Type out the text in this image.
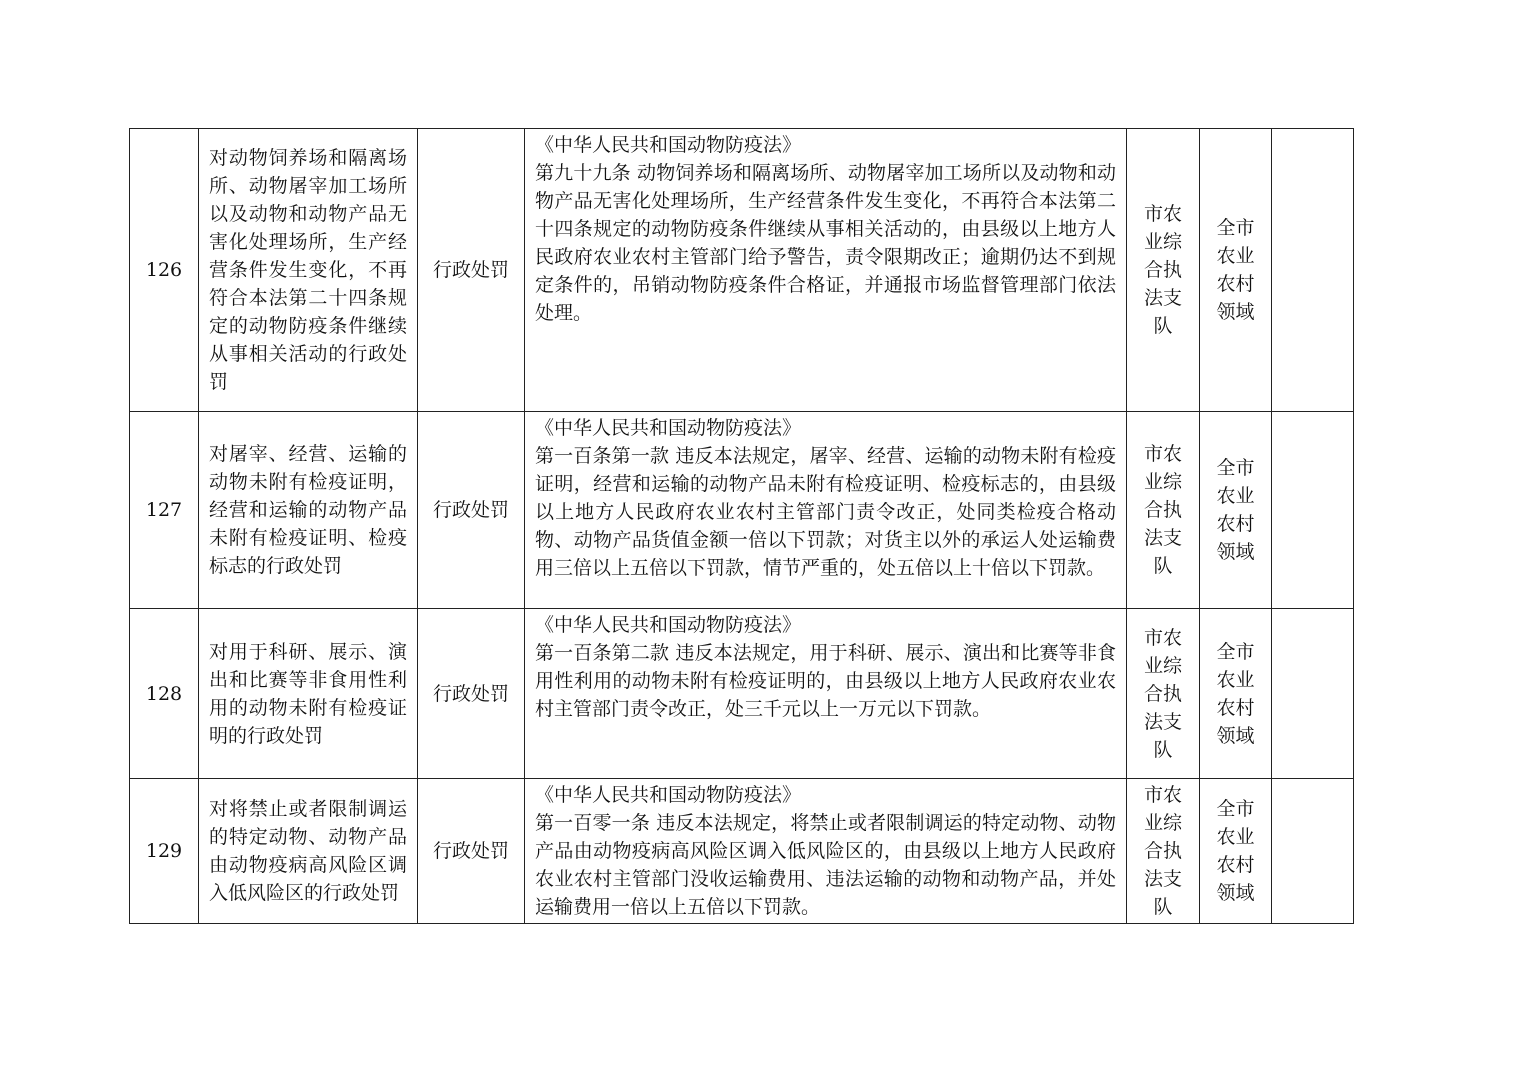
126	对动物饲养场和隔离场所、动物屠宰加工场所以及动物和动物产品无害化处理场所，生产经营条件发生变化，不再符合本法第二十四条规定的动物防疫条件继续从事相关活动的行政处罚	行政处罚	《中华人民共和国动物防疫法》
第九十九条 动物饲养场和隔离场所、动物屠宰加工场所以及动物和动物产品无害化处理场所，生产经营条件发生变化，不再符合本法第二十四条规定的动物防疫条件继续从事相关活动的，由县级以上地方人民政府农业农村主管部门给予警告，责令限期改正；逾期仍达不到规定条件的，吊销动物防疫条件合格证，并通报市场监督管理部门依法处理。	市农业综合执法支队	全市农业农村领域	
127	对屠宰、经营、运输的动物未附有检疫证明，经营和运输的动物产品未附有检疫证明、检疫标志的行政处罚	行政处罚	《中华人民共和国动物防疫法》
第一百条第一款 违反本法规定，屠宰、经营、运输的动物未附有检疫证明，经营和运输的动物产品未附有检疫证明、检疫标志的，由县级以上地方人民政府农业农村主管部门责令改正，处同类检疫合格动物、动物产品货值金额一倍以下罚款；对货主以外的承运人处运输费用三倍以上五倍以下罚款，情节严重的，处五倍以上十倍以下罚款。	市农业综合执法支队	全市农业农村领域	
128	对用于科研、展示、演出和比赛等非食用性利用的动物未附有检疫证明的行政处罚	行政处罚	《中华人民共和国动物防疫法》
第一百条第二款 违反本法规定，用于科研、展示、演出和比赛等非食用性利用的动物未附有检疫证明的，由县级以上地方人民政府农业农村主管部门责令改正，处三千元以上一万元以下罚款。	市农业综合执法支队	全市农业农村领域	
129	对将禁止或者限制调运的特定动物、动物产品由动物疫病高风险区调入低风险区的行政处罚	行政处罚	《中华人民共和国动物防疫法》
第一百零一条 违反本法规定，将禁止或者限制调运的特定动物、动物产品由动物疫病高风险区调入低风险区的，由县级以上地方人民政府农业农村主管部门没收运输费用、违法运输的动物和动物产品，并处运输费用一倍以上五倍以下罚款。	市农业综合执法支队	全市农业农村领域	
